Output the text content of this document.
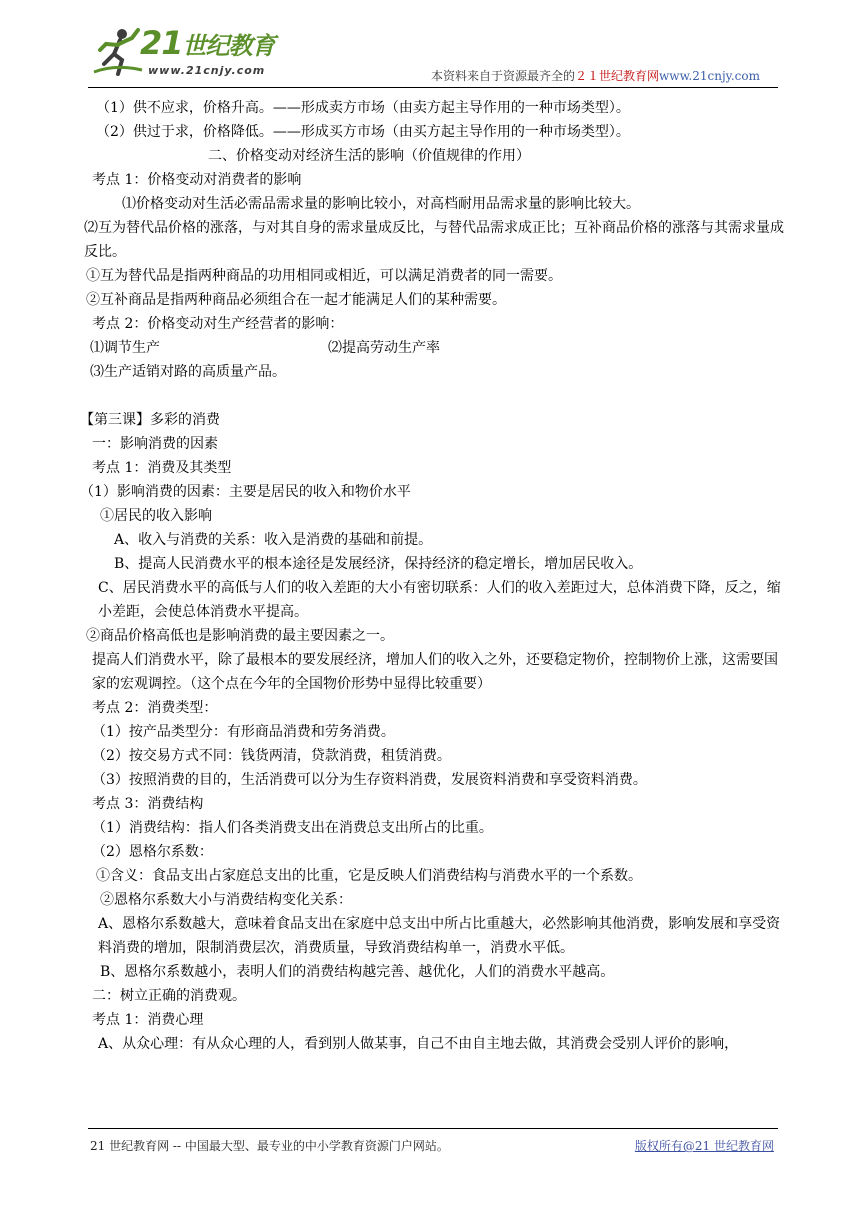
21世纪教育
www.21cnjy.com	本资料来自于资源最齐全的２１世纪教育网www.21cnjy.com

（1）供不应求，价格升高。——形成卖方市场（由卖方起主导作用的一种市场类型）。

（2）供过于求，价格降低。——形成买方市场（由买方起主导作用的一种市场类型）。

二、价格变动对经济生活的影响（价值规律的作用）

考点 1：价格变动对消费者的影响

⑴价格变动对生活必需品需求量的影响比较小，对高档耐用品需求量的影响比较大。

⑵互为替代品价格的涨落，与对其自身的需求量成反比，与替代品需求成正比；互补商品价格的涨落与其需求量成反比。

①互为替代品是指两种商品的功用相同或相近，可以满足消费者的同一需要。

②互补商品是指两种商品必须组合在一起才能满足人们的某种需要。

考点 2：价格变动对生产经营者的影响：

⑴调节生产	⑵提高劳动生产率

⑶生产适销对路的高质量产品。

【第三课】多彩的消费

一：影响消费的因素

考点 1：消费及其类型

（1）影响消费的因素：主要是居民的收入和物价水平

①居民的收入影响

A、收入与消费的关系：收入是消费的基础和前提。

B、提高人民消费水平的根本途径是发展经济，保持经济的稳定增长，增加居民收入。

C、居民消费水平的高低与人们的收入差距的大小有密切联系：人们的收入差距过大，总体消费下降，反之，缩小差距，会使总体消费水平提高。

②商品价格高低也是影响消费的最主要因素之一。

提高人们消费水平，除了最根本的要发展经济，增加人们的收入之外，还要稳定物价，控制物价上涨，这需要国家的宏观调控。（这个点在今年的全国物价形势中显得比较重要）

考点 2：消费类型：

（1）按产品类型分：有形商品消费和劳务消费。

（2）按交易方式不同：钱货两清，贷款消费，租赁消费。

（3）按照消费的目的，生活消费可以分为生存资料消费，发展资料消费和享受资料消费。

考点 3：消费结构

（1）消费结构：指人们各类消费支出在消费总支出所占的比重。

（2）恩格尔系数：

①含义：食品支出占家庭总支出的比重，它是反映人们消费结构与消费水平的一个系数。

②恩格尔系数大小与消费结构变化关系：

A、恩格尔系数越大，意味着食品支出在家庭中总支出中所占比重越大，必然影响其他消费，影响发展和享受资料消费的增加，限制消费层次，消费质量，导致消费结构单一，消费水平低。

B、恩格尔系数越小，表明人们的消费结构越完善、越优化，人们的消费水平越高。

二：树立正确的消费观。

考点 1：消费心理

A、从众心理：有从众心理的人，看到别人做某事，自己不由自主地去做，其消费会受别人评价的影响，

21 世纪教育网 -- 中国最大型、最专业的中小学教育资源门户网站。	版权所有@21 世纪教育网
